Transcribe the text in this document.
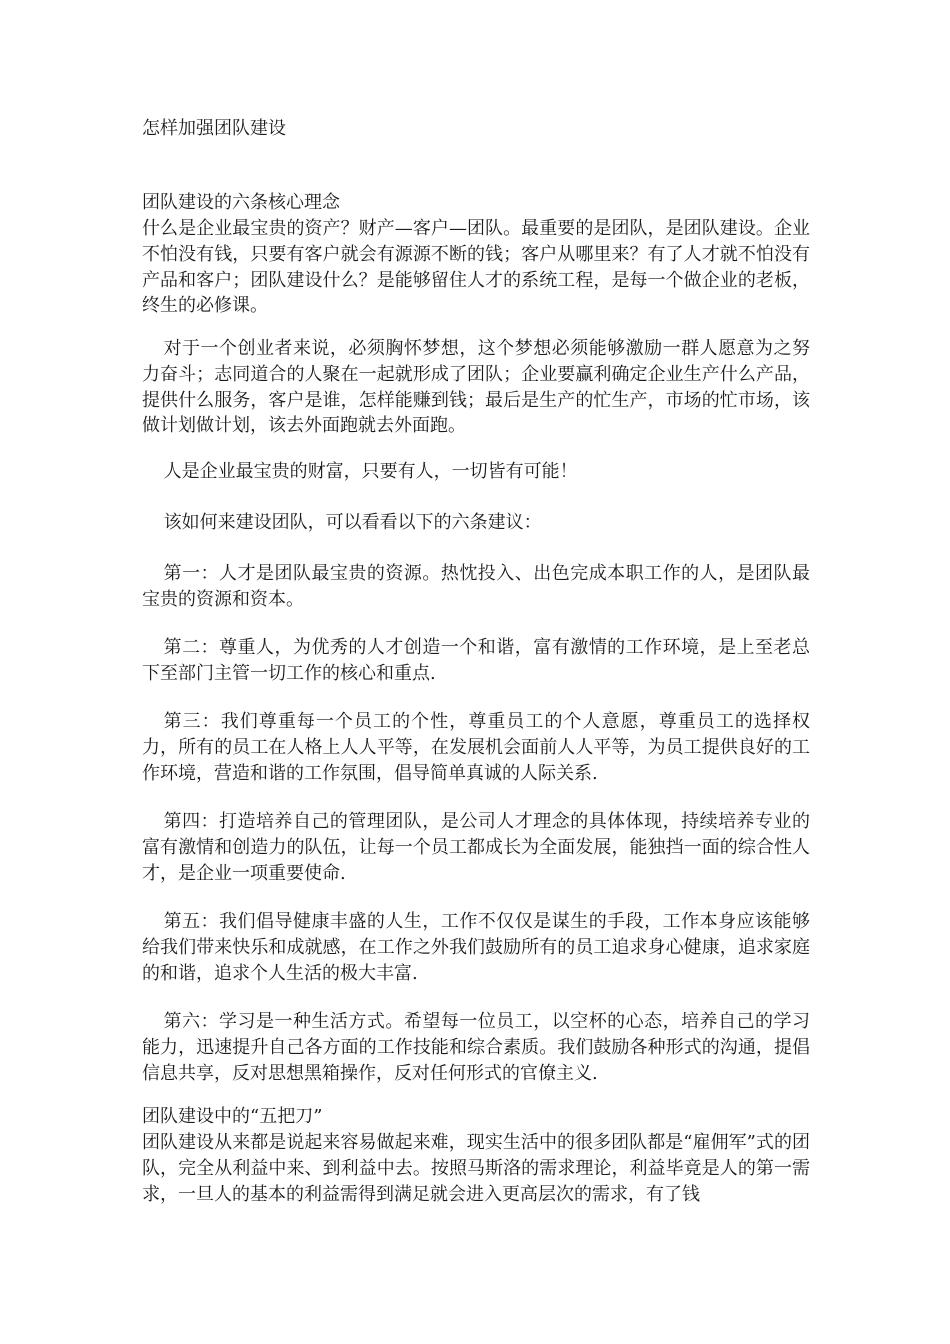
怎样加强团队建设

团队建设的六条核心理念

什么是企业最宝贵的资产？财产—客户—团队。最重要的是团队，是团队建设。企业不怕没有钱，只要有客户就会有源源不断的钱；客户从哪里来？有了人才就不怕没有产品和客户；团队建设什么？是能够留住人才的系统工程，是每一个做企业的老板，终生的必修课。

对于一个创业者来说，必须胸怀梦想，这个梦想必须能够激励一群人愿意为之努力奋斗；志同道合的人聚在一起就形成了团队；企业要赢利确定企业生产什么产品，提供什么服务，客户是谁，怎样能赚到钱；最后是生产的忙生产，市场的忙市场，该做计划做计划，该去外面跑就去外面跑。

人是企业最宝贵的财富，只要有人，一切皆有可能！

该如何来建设团队，可以看看以下的六条建议：

第一：人才是团队最宝贵的资源。热忱投入、出色完成本职工作的人，是团队最宝贵的资源和资本。

第二：尊重人，为优秀的人才创造一个和谐，富有激情的工作环境，是上至老总下至部门主管一切工作的核心和重点.

第三：我们尊重每一个员工的个性，尊重员工的个人意愿，尊重员工的选择权力，所有的员工在人格上人人平等，在发展机会面前人人平等，为员工提供良好的工作环境，营造和谐的工作氛围，倡导简单真诚的人际关系.

第四：打造培养自己的管理团队，是公司人才理念的具体体现，持续培养专业的富有激情和创造力的队伍，让每一个员工都成长为全面发展，能独挡一面的综合性人才，是企业一项重要使命.

第五：我们倡导健康丰盛的人生，工作不仅仅是谋生的手段，工作本身应该能够给我们带来快乐和成就感，在工作之外我们鼓励所有的员工追求身心健康，追求家庭的和谐，追求个人生活的极大丰富.

第六：学习是一种生活方式。希望每一位员工，以空杯的心态，培养自己的学习能力，迅速提升自己各方面的工作技能和综合素质。我们鼓励各种形式的沟通，提倡信息共享，反对思想黑箱操作，反对任何形式的官僚主义.

团队建设中的“五把刀”

团队建设从来都是说起来容易做起来难，现实生活中的很多团队都是“雇佣军”式的团队，完全从利益中来、到利益中去。按照马斯洛的需求理论，利益毕竟是人的第一需求，一旦人的基本的利益需得到满足就会进入更高层次的需求，有了钱
